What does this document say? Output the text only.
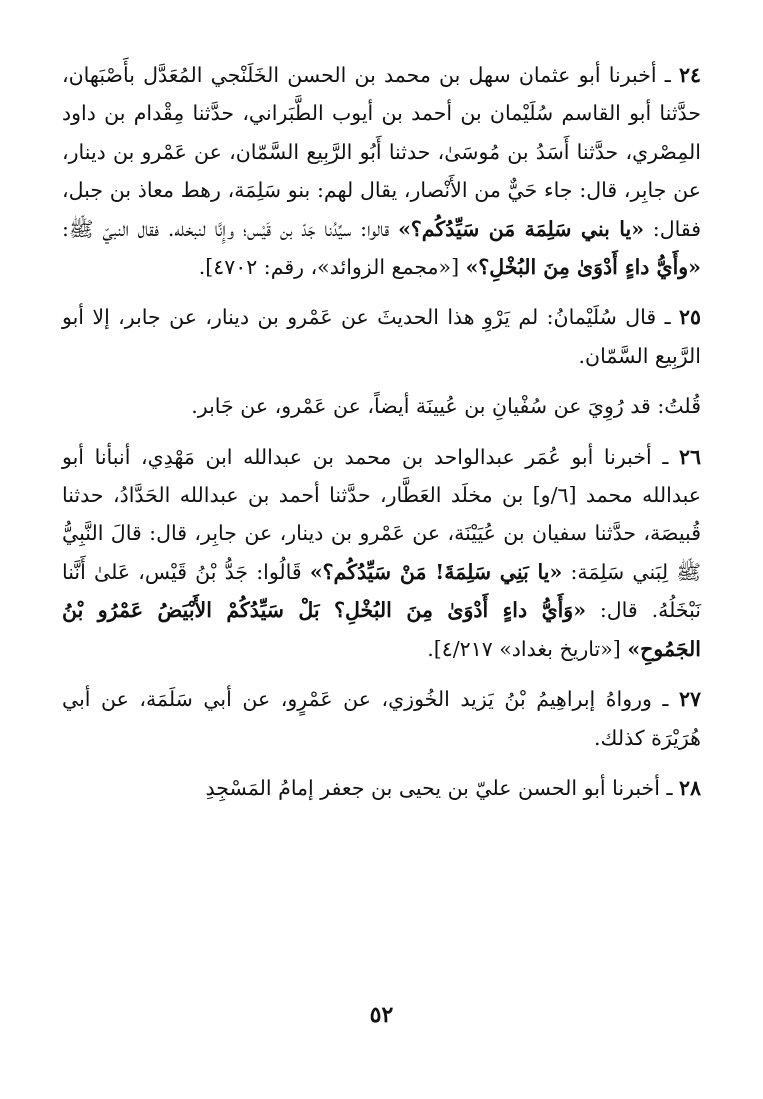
٢٤ ـ أخبرنا أبو عثمان سهل بن محمد بن الحسن الخَلَنْجي المُعَدَّل بأَصْبَهان، حدَّثنا أبو القاسم سُلَيْمان بن أحمد بن أيوب الطَّبَراني، حدَّثنا مِقْدام بن داود المِصْري، حدَّثنا أَسَدُ بن مُوسَىٰ، حدثنا أَبُو الرَّبِيع السَّمّان، عن عَمْرو بن دينار، عن جابِر، قال: جاء حَيٌّ من الأَنْصار، يقال لهم: بنو سَلِمَة، رهط معاذ بن جبل، فقال: «يا بني سَلِمَة مَن سَيِّدُكُم؟» قالوا: سيِّدُنا جَدّ بن قَيْس؛ وإِنَّا لنبخله. فقال النبيّ ﷺ: «وأَيُّ داءٍ أَدْوَىٰ مِنَ البُخْلِ؟» [«مجمع الزوائد»، رقم: ٤٧٠٢].

٢٥ ـ قال سُلَيْمانُ: لم يَرْوِ هذا الحديثَ عن عَمْرو بن دينار، عن جابر، إلا أبو الرَّبِيع السَّمّان.

قُلتُ: قد رُوِيَ عن سُفْيانِ بن عُيينَة أيضاً، عن عَمْرو، عن جَابر.

٢٦ ـ أخبرنا أبو عُمَر عبدالواحد بن محمد بن عبدالله ابن مَهْدِي، أنبأنا أبو عبدالله محمد [٦/و] بن مخلَد العَطَّار، حدَّثنا أحمد بن عبدالله الحَدَّادُ، حدثنا قُبيصَة، حدَّثنا سفيان بن عُيَيْنَة، عن عَمْرو بن دينار، عن جابِر، قال: قالَ النَّبِيُّ ﷺ لِبَني سَلِمَة: «يا بَنِي سَلِمَةَ! مَنْ سَيِّدُكُم؟» قَالُوا: جَدُّ بْنُ قَيْس، عَلىٰ أَنَّنا نَبْخَلُهُ. قال: «وَأَيُّ داءٍ أَدْوَىٰ مِنَ البُخْلِ؟ بَلْ سَيِّدُكُمْ الأَبْيَضُ عَمْرُو بْنُ الجَمُوحِ» [«تاريخ بغداد» ٤/٢١٧].

٢٧ ـ ورواهُ إبراهِيمُ بْنُ يَزيد الخُوزي، عن عَمْرٍو، عن أبي سَلَمَة، عن أبي هُرَيْرَة كذلك.

٢٨ ـ أخبرنا أبو الحسن عليّ بن يحيى بن جعفر إمامُ المَسْجِدِ

٥٢
